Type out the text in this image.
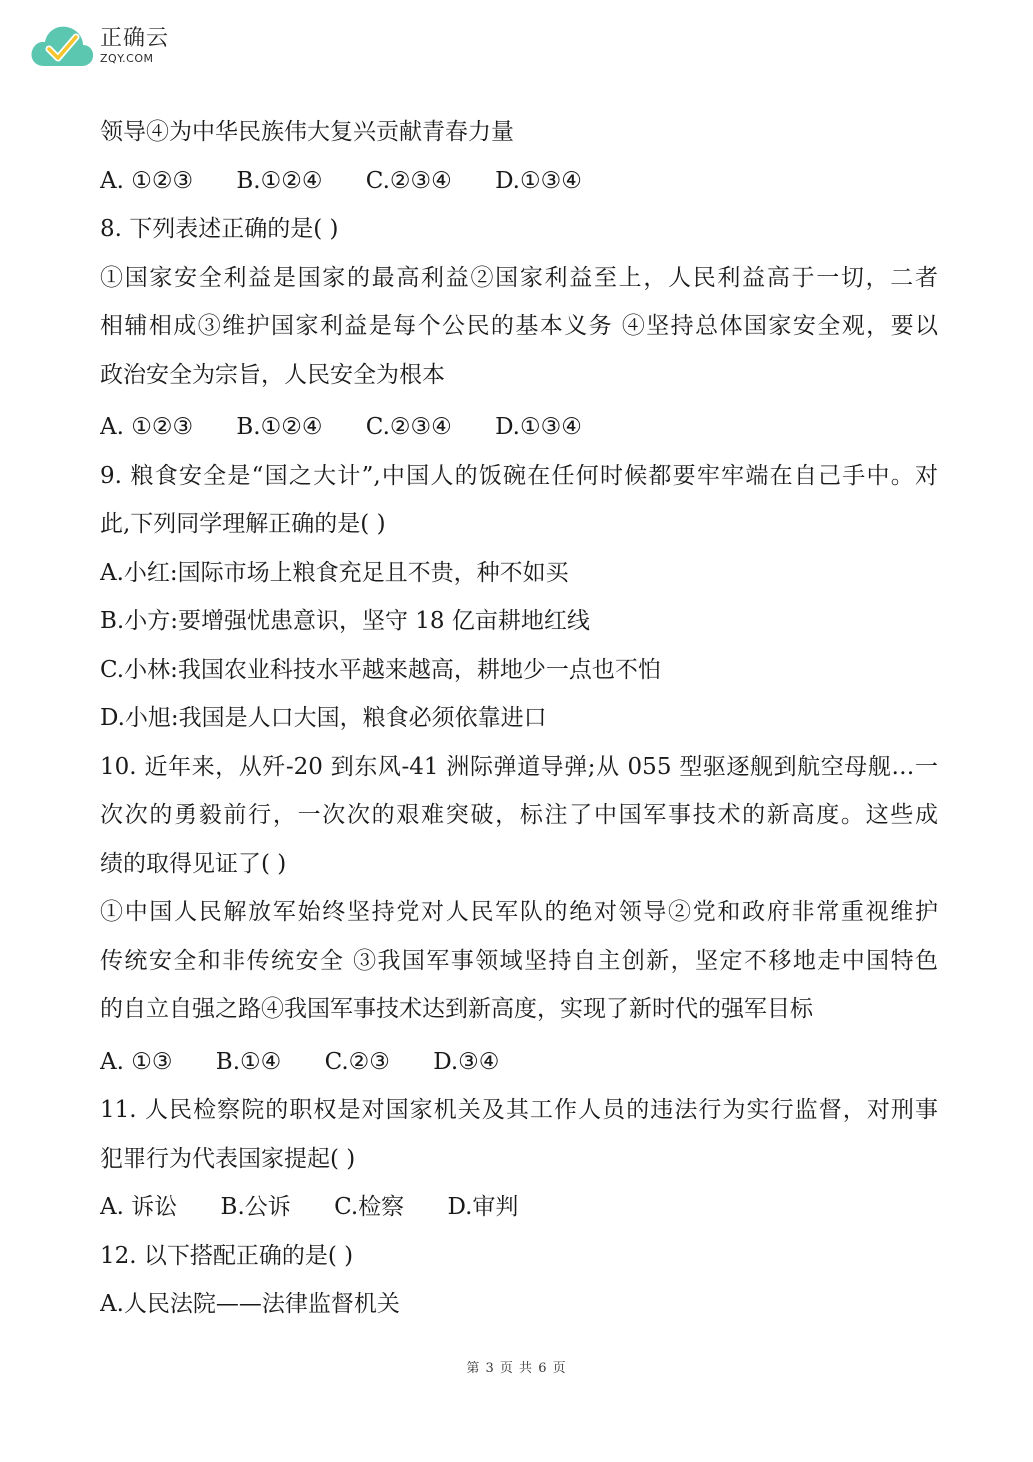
正确云
ZQY.COM
领导④为中华民族伟大复兴贡献青春力量
A. ①②③ B.①②④ C.②③④ D.①③④
8. 下列表述正确的是( )
①国家安全利益是国家的最高利益②国家利益至上，人民利益高于一切，二者
相辅相成③维护国家利益是每个公民的基本义务 ④坚持总体国家安全观，要以
政治安全为宗旨，人民安全为根本
A. ①②③ B.①②④ C.②③④ D.①③④
9. 粮食安全是“国之大计”,中国人的饭碗在任何时候都要牢牢端在自己手中。对
此,下列同学理解正确的是( )
A.小红:国际市场上粮食充足且不贵，种不如买
B.小方:要增强忧患意识，坚守 18 亿亩耕地红线
C.小林:我国农业科技水平越来越高，耕地少一点也不怕
D.小旭:我国是人口大国，粮食必须依靠进口
10. 近年来，从歼-20 到东风-41 洲际弹道导弹;从 055 型驱逐舰到航空母舰…一
次次的勇毅前行，一次次的艰难突破，标注了中国军事技术的新高度。这些成
绩的取得见证了( )
①中国人民解放军始终坚持党对人民军队的绝对领导②党和政府非常重视维护
传统安全和非传统安全 ③我国军事领域坚持自主创新，坚定不移地走中国特色
的自立自强之路④我国军事技术达到新高度，实现了新时代的强军目标
A. ①③ B.①④ C.②③ D.③④
11. 人民检察院的职权是对国家机关及其工作人员的违法行为实行监督，对刑事
犯罪行为代表国家提起( )
A. 诉讼 B.公诉 C.检察 D.审判
12. 以下搭配正确的是( )
A.人民法院——法律监督机关
第 3 页 共 6 页
